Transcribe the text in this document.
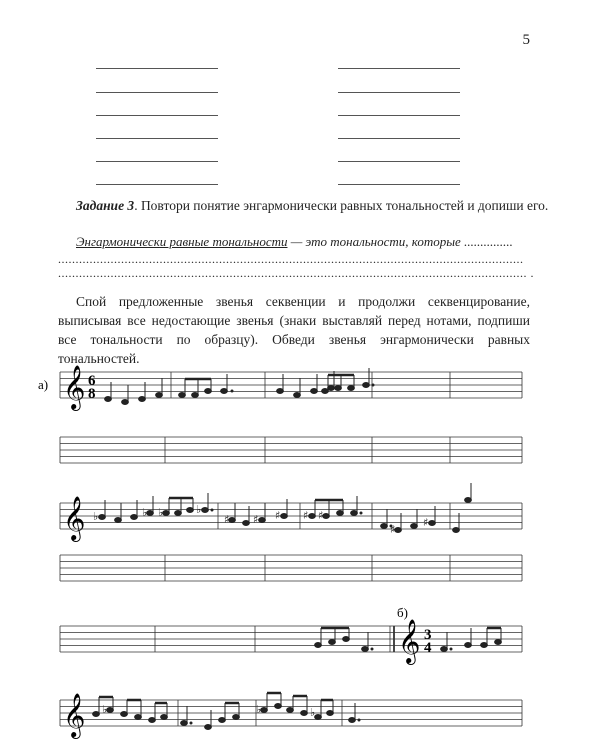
5
Задание 3. Повтори понятие энгармонически равных тональностей и допиши его.
Энгармонически равные тональности — это тональности, которые ...............
.....................................................................................................................................
...................................................................................................................................... .
Спой предложенные звенья секвенции и продолжи секвенцирование, выписывая все недостающие звенья (знаки выставляй перед нотами, подпиши все тональности по образцу). Обведи звенья энгармонически равных тональностей.
а) 𝄞 6
8
𝄞
б)
𝄞 3
4
𝄞
♭	♭ ♭	♭
♯ ♯ ♯ ♯ ♯
♯
♯
♭	♭	♭
